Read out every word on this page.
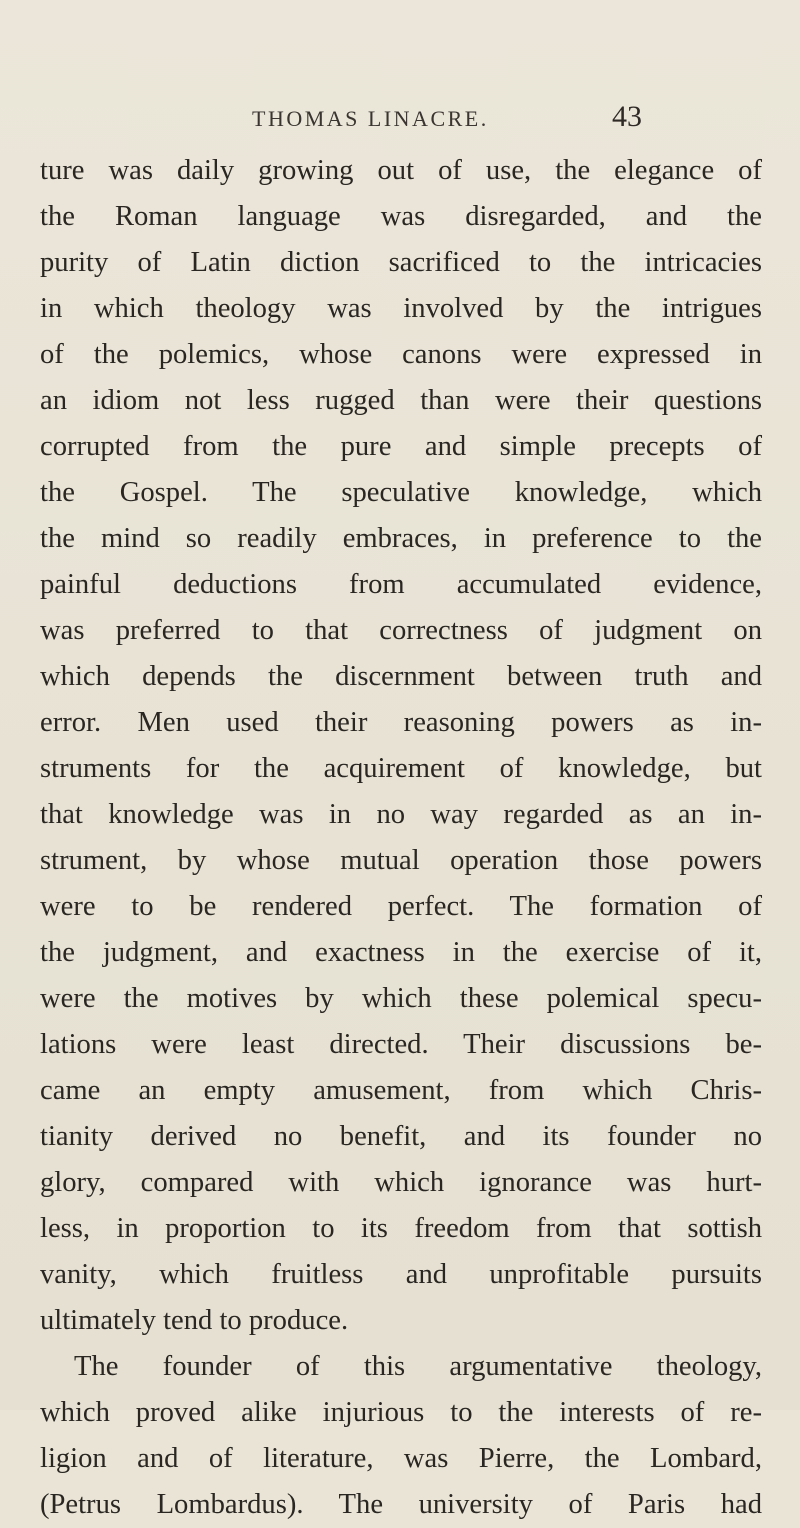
THOMAS LINACRE.	43
ture was daily growing out of use, the elegance of
the Roman language was disregarded, and the
purity of Latin diction sacrificed to the intricacies
in which theology was involved by the intrigues
of the polemics, whose canons were expressed in
an idiom not less rugged than were their questions
corrupted from the pure and simple precepts of
the Gospel. The speculative knowledge, which
the mind so readily embraces, in preference to the
painful deductions from accumulated evidence,
was preferred to that correctness of judgment on
which depends the discernment between truth and
error. Men used their reasoning powers as in-
struments for the acquirement of knowledge, but
that knowledge was in no way regarded as an in-
strument, by whose mutual operation those powers
were to be rendered perfect. The formation of
the judgment, and exactness in the exercise of it,
were the motives by which these polemical specu-
lations were least directed. Their discussions be-
came an empty amusement, from which Chris-
tianity derived no benefit, and its founder no
glory, compared with which ignorance was hurt-
less, in proportion to its freedom from that sottish
vanity, which fruitless and unprofitable pursuits
ultimately tend to produce.
The founder of this argumentative theology,
which proved alike injurious to the interests of re-
ligion and of literature, was Pierre, the Lombard,
(Petrus Lombardus). The university of Paris had
